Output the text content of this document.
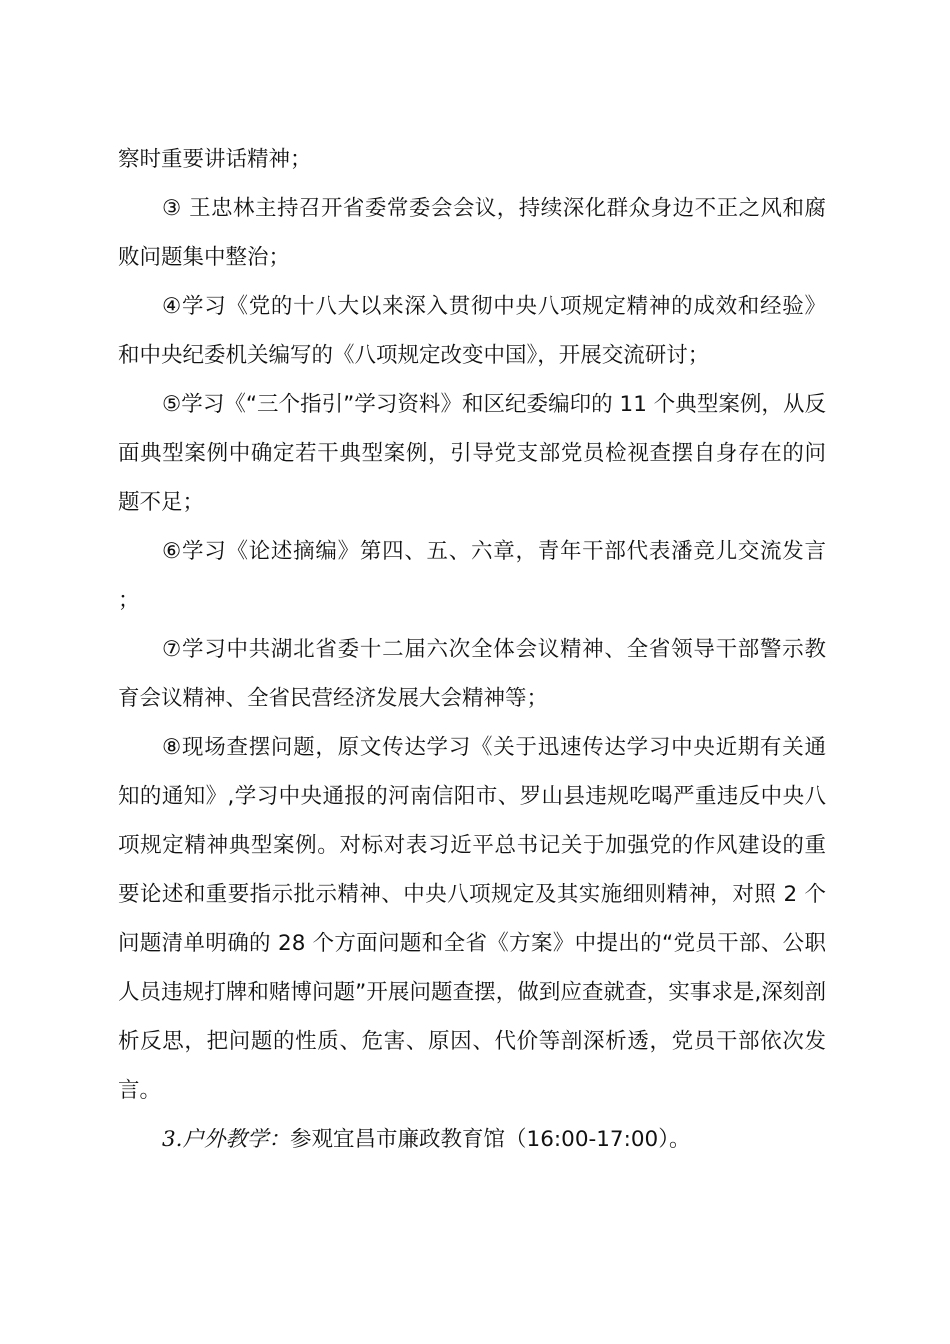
察时重要讲话精神；

③ 王忠林主持召开省委常委会会议，持续深化群众身边不正之风和腐败问题集中整治；

④学习《党的十八大以来深入贯彻中央八项规定精神的成效和经验》和中央纪委机关编写的《八项规定改变中国》，开展交流研讨；

⑤学习《“三个指引”学习资料》和区纪委编印的 11 个典型案例，从反面典型案例中确定若干典型案例，引导党支部党员检视查摆自身存在的问题不足；

⑥学习《论述摘编》第四、五、六章，青年干部代表潘竞儿交流发言；

⑦学习中共湖北省委十二届六次全体会议精神、全省领导干部警示教育会议精神、全省民营经济发展大会精神等；

⑧现场查摆问题，原文传达学习《关于迅速传达学习中央近期有关通知的通知》,学习中央通报的河南信阳市、罗山县违规吃喝严重违反中央八项规定精神典型案例。对标对表习近平总书记关于加强党的作风建设的重要论述和重要指示批示精神、中央八项规定及其实施细则精神，对照 2 个问题清单明确的 28 个方面问题和全省《方案》中提出的“党员干部、公职人员违规打牌和赌博问题”开展问题查摆，做到应查就查，实事求是,深刻剖析反思，把问题的性质、危害、原因、代价等剖深析透，党员干部依次发言。

3.户外教学：参观宜昌市廉政教育馆（16:00-17:00）。
